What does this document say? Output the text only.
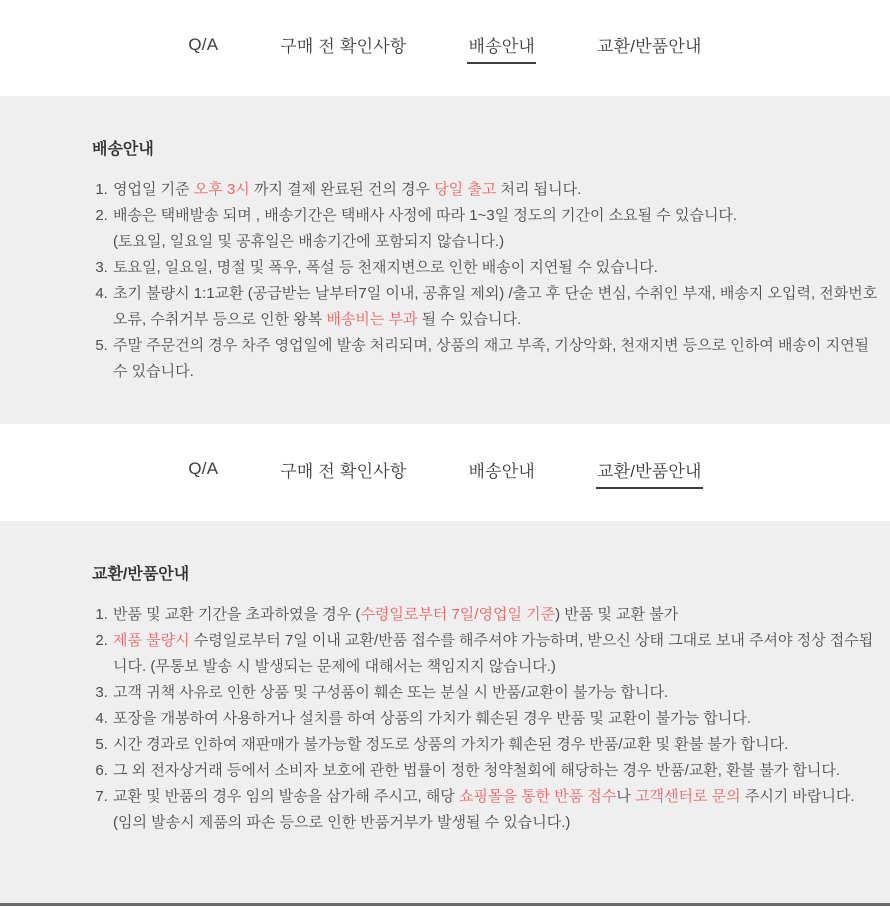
Q/A	구매 전 확인사항	배송안내	교환/반품안내
배송안내
1. 영업일 기준 오후 3시 까지 결제 완료된 건의 경우 당일 출고 처리 됩니다.
2. 배송은 택배발송 되며 , 배송기간은 택배사 사정에 따라 1~3일 정도의 기간이 소요될 수 있습니다.
(토요일, 일요일 및 공휴일은 배송기간에 포함되지 않습니다.)
3. 토요일, 일요일, 명절 및 폭우, 폭설 등 천재지변으로 인한 배송이 지연될 수 있습니다.
4. 초기 불량시 1:1교환 (공급받는 날부터7일 이내, 공휴일 제외) /출고 후 단순 변심, 수취인 부재, 배송지 오입력, 전화번호 오류, 수취거부 등으로 인한 왕복 배송비는 부과 될 수 있습니다.
5. 주말 주문건의 경우 차주 영업일에 발송 처리되며, 상품의 재고 부족, 기상악화, 천재지변 등으로 인하여 배송이 지연될 수 있습니다.
Q/A	구매 전 확인사항	배송안내	교환/반품안내
교환/반품안내
1. 반품 및 교환 기간을 초과하였을 경우 (수령일로부터 7일/영업일 기준) 반품 및 교환 불가
2. 제품 불량시 수령일로부터 7일 이내 교환/반품 접수를 해주셔야 가능하며, 받으신 상태 그대로 보내 주셔야 정상 접수됩니다. (무통보 발송 시 발생되는 문제에 대해서는 책임지지 않습니다.)
3. 고객 귀책 사유로 인한 상품 및 구성품이 훼손 또는 분실 시 반품/교환이 불가능 합니다.
4. 포장을 개봉하여 사용하거나 설치를 하여 상품의 가치가 훼손된 경우 반품 및 교환이 불가능 합니다.
5. 시간 경과로 인하여 재판매가 불가능할 정도로 상품의 가치가 훼손된 경우 반품/교환 및 환불 불가 합니다.
6. 그 외 전자상거래 등에서 소비자 보호에 관한 법률이 정한 청약철회에 해당하는 경우 반품/교환, 환불 불가 합니다.
7. 교환 및 반품의 경우 임의 발송을 삼가해 주시고, 해당 쇼핑몰을 통한 반품 접수나 고객센터로 문의 주시기 바랍니다. (임의 발송시 제품의 파손 등으로 인한 반품거부가 발생될 수 있습니다.)
